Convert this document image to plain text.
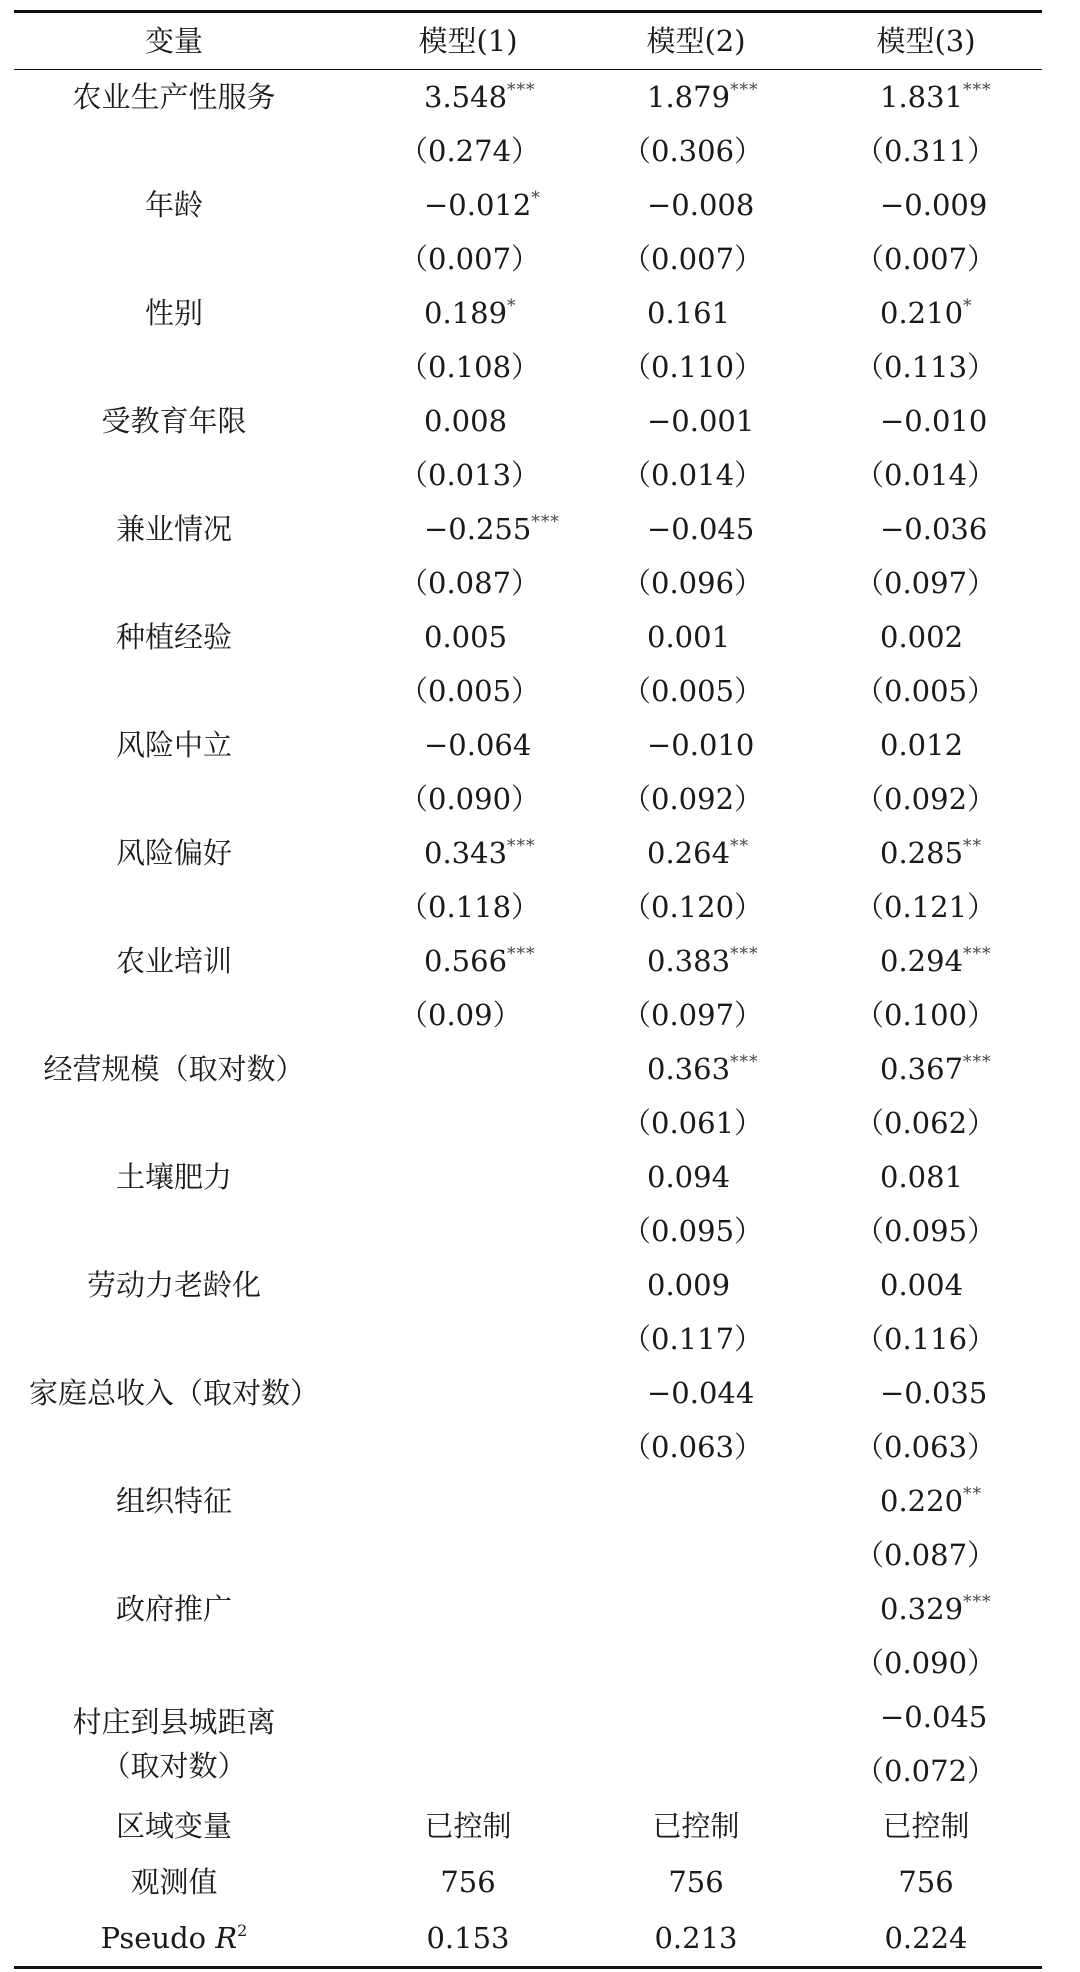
变量	模型(1)	模型(2)	模型(3)
农业生产性服务	3.548***	1.879***	1.831***
	（0.274）	（0.306）	（0.311）
年龄	−0.012*	−0.008	−0.009
	（0.007）	（0.007）	（0.007）
性别	0.189*	0.161	0.210*
	（0.108）	（0.110）	（0.113）
受教育年限	0.008	−0.001	−0.010
	（0.013）	（0.014）	（0.014）
兼业情况	−0.255***	−0.045	−0.036
	（0.087）	（0.096）	（0.097）
种植经验	0.005	0.001	0.002
	（0.005）	（0.005）	（0.005）
风险中立	−0.064	−0.010	0.012
	（0.090）	（0.092）	（0.092）
风险偏好	0.343***	0.264**	0.285**
	（0.118）	（0.120）	（0.121）
农业培训	0.566***	0.383***	0.294***
	（0.09）	（0.097）	（0.100）
经营规模（取对数）		0.363***	0.367***
		（0.061）	（0.062）
土壤肥力		0.094	0.081
		（0.095）	（0.095）
劳动力老龄化		0.009	0.004
		（0.117）	（0.116）
家庭总收入（取对数）		−0.044	−0.035
		（0.063）	（0.063）
组织特征			0.220**
			（0.087）
政府推广			0.329***
			（0.090）

村庄到县城距离
（取对数）			−0.045
			（0.072）
区域变量	已控制	已控制	已控制
观测值	756	756	756
Pseudo $R^2$	0.153	0.213	0.224
